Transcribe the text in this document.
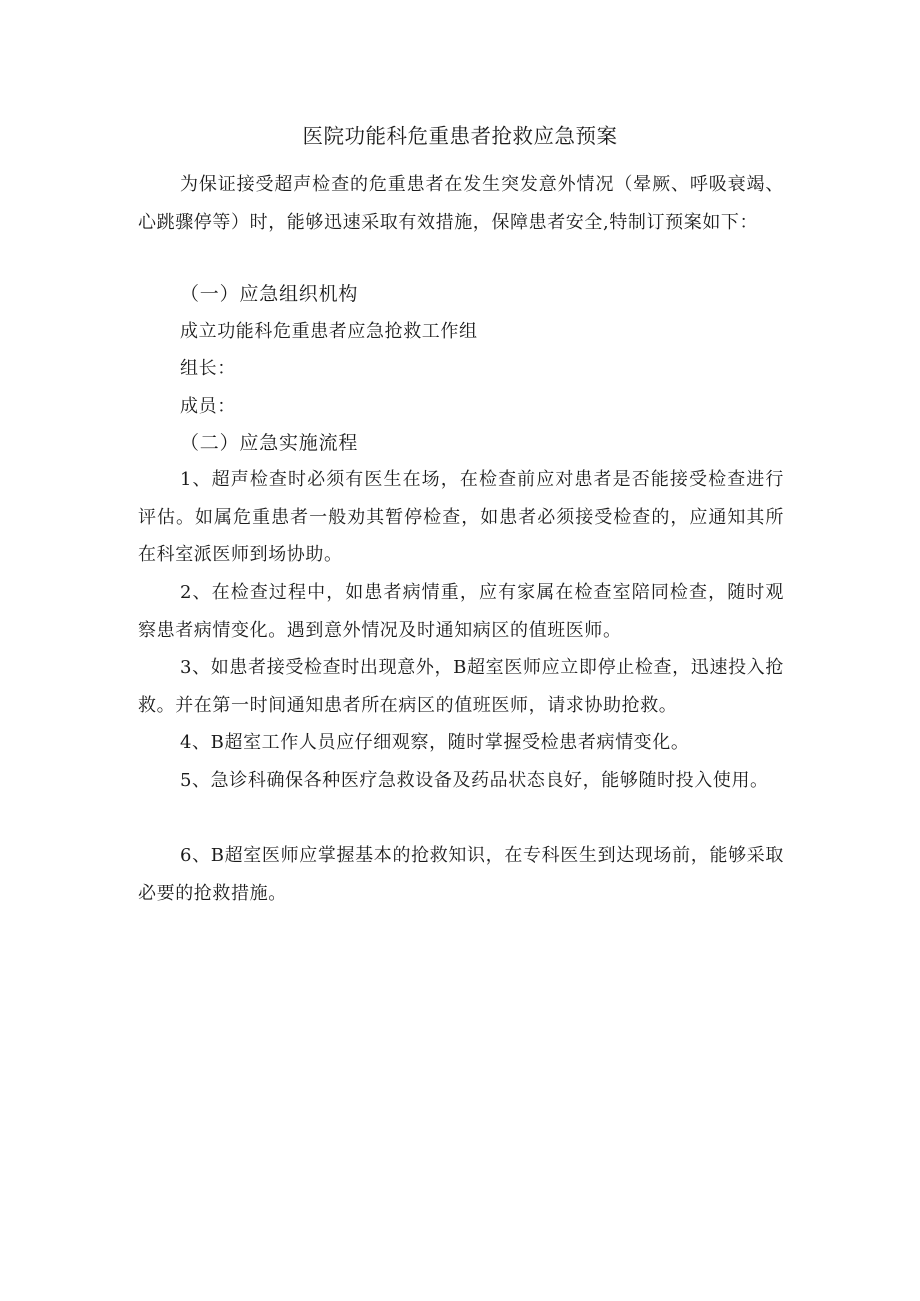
医院功能科危重患者抢救应急预案

为保证接受超声检查的危重患者在发生突发意外情况（晕厥、呼吸衰竭、心跳骤停等）时，能够迅速采取有效措施，保障患者安全,特制订预案如下：

（一）应急组织机构

成立功能科危重患者应急抢救工作组

组长：

成员：

（二）应急实施流程

1、超声检查时必须有医生在场，在检查前应对患者是否能接受检查进行评估。如属危重患者一般劝其暂停检查，如患者必须接受检查的，应通知其所在科室派医师到场协助。

2、在检查过程中，如患者病情重，应有家属在检查室陪同检查，随时观察患者病情变化。遇到意外情况及时通知病区的值班医师。

3、如患者接受检查时出现意外，B超室医师应立即停止检查，迅速投入抢救。并在第一时间通知患者所在病区的值班医师，请求协助抢救。

4、B超室工作人员应仔细观察，随时掌握受检患者病情变化。

5、急诊科确保各种医疗急救设备及药品状态良好，能够随时投入使用。

6、B超室医师应掌握基本的抢救知识，在专科医生到达现场前，能够采取必要的抢救措施。
